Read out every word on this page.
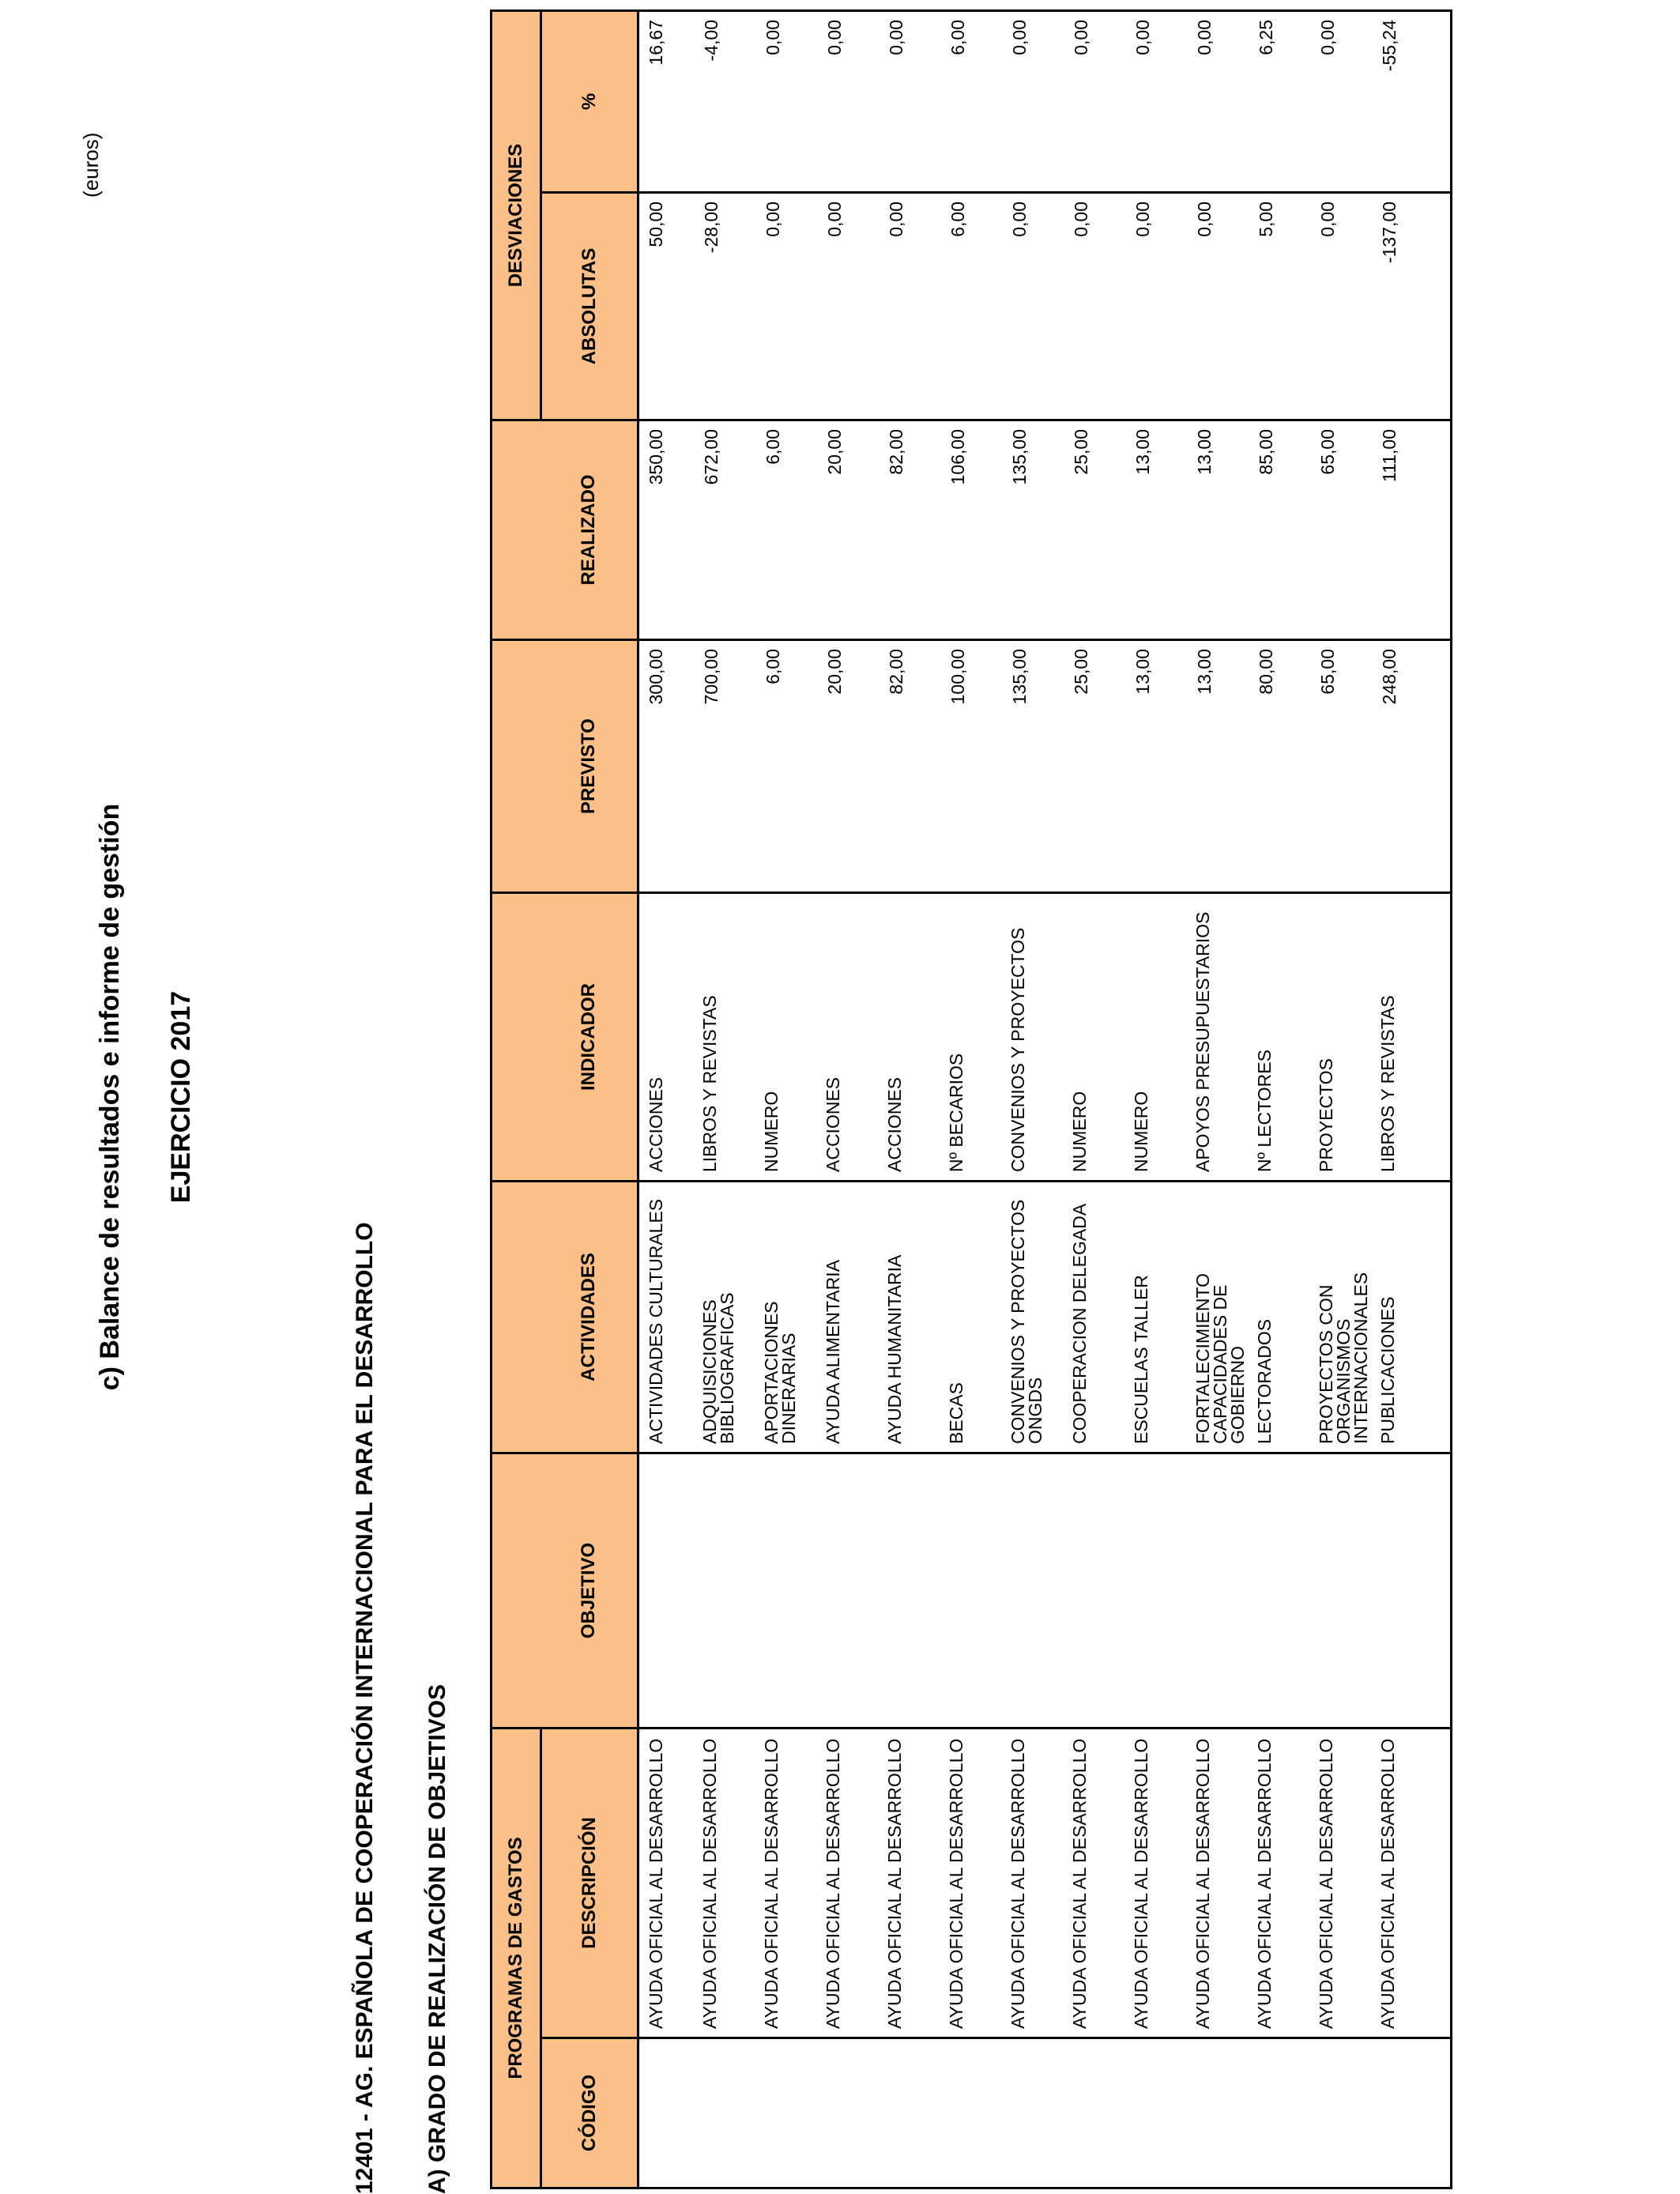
c) Balance de resultados e informe de gestión EJERCICIO 2017
12401 - AG. ESPAÑOLA DE COOPERACIÓN INTERNACIONAL PARA EL DESARROLLO A) GRADO DE REALIZACIÓN DE OBJETIVOS
(euros)
PROGRAMAS DE GASTOS							DESVIACIONES	
CÓDIGO	DESCRIPCIÓN	OBJETIVO	ACTIVIDADES	INDICADOR	PREVISTO	REALIZADO	ABSOLUTAS	%
	AYUDA OFICIAL AL DESARROLLO		ACTIVIDADES CULTURALES	ACCIONES	300,00	350,00	50,00	16,67
	AYUDA OFICIAL AL DESARROLLO		ADQUISICIONES BIBLIOGRAFICAS	LIBROS Y REVISTAS	700,00	672,00	-28,00	-4,00
	AYUDA OFICIAL AL DESARROLLO		APORTACIONES DINERARIAS	NUMERO	6,00	6,00	0,00	0,00
	AYUDA OFICIAL AL DESARROLLO		AYUDA ALIMENTARIA	ACCIONES	20,00	20,00	0,00	0,00
	AYUDA OFICIAL AL DESARROLLO		AYUDA HUMANITARIA	ACCIONES	82,00	82,00	0,00	0,00
	AYUDA OFICIAL AL DESARROLLO		BECAS	Nº BECARIOS	100,00	106,00	6,00	6,00
	AYUDA OFICIAL AL DESARROLLO		CONVENIOS Y PROYECTOS ONGDS	CONVENIOS Y PROYECTOS	135,00	135,00	0,00	0,00
	AYUDA OFICIAL AL DESARROLLO		COOPERACION DELEGADA	NUMERO	25,00	25,00	0,00	0,00
	AYUDA OFICIAL AL DESARROLLO		ESCUELAS TALLER	NUMERO	13,00	13,00	0,00	0,00
	AYUDA OFICIAL AL DESARROLLO		FORTALECIMIENTO CAPACIDADES DE GOBIERNO	APOYOS PRESUPUESTARIOS	13,00	13,00	0,00	0,00
	AYUDA OFICIAL AL DESARROLLO		LECTORADOS	Nº LECTORES	80,00	85,00	5,00	6,25
	AYUDA OFICIAL AL DESARROLLO		PROYECTOS CON ORGANISMOS INTERNACIONALES	PROYECTOS	65,00	65,00	0,00	0,00
	AYUDA OFICIAL AL DESARROLLO		PUBLICACIONES	LIBROS Y REVISTAS	248,00	111,00	-137,00	-55,24
